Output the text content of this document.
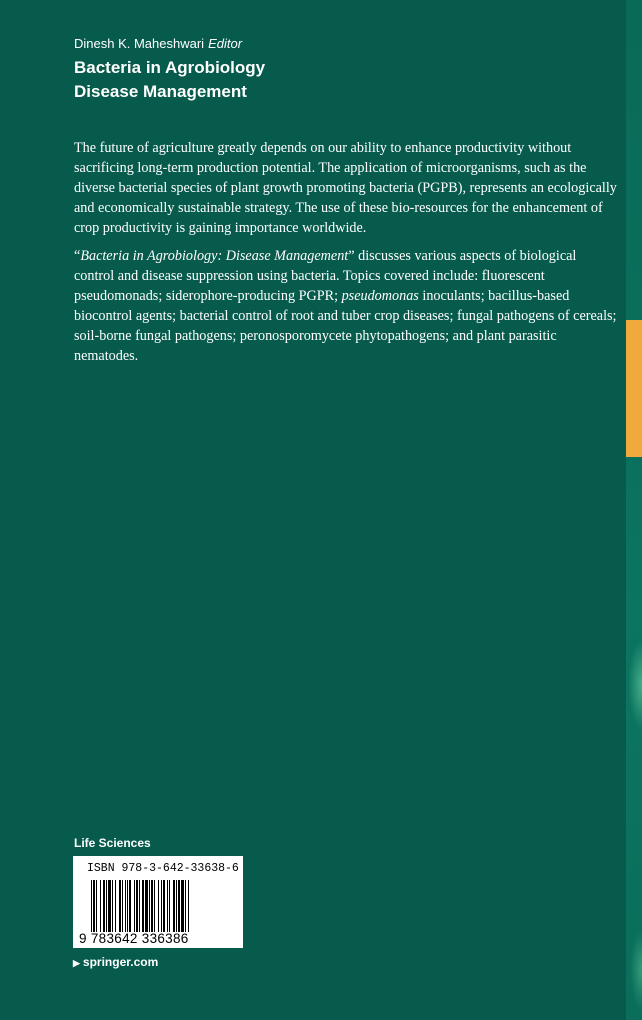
Dinesh K. Maheshwari Editor
Bacteria in Agrobiology
Disease Management

The future of agriculture greatly depends on our ability to enhance productivity without sacrificing long-term production potential. The application of microorganisms, such as the diverse bacterial species of plant growth promoting bacteria (PGPB), represents an ecologically and economically sustainable strategy. The use of these bio-resources for the enhancement of crop productivity is gaining importance worldwide.

“Bacteria in Agrobiology: Disease Management” discusses various aspects of biological control and disease suppression using bacteria. Topics covered include: fluorescent pseudomonads; siderophore-producing PGPR; pseudomonas inoculants; bacillus-based biocontrol agents; bacterial control of root and tuber crop diseases; fungal pathogens of cereals; soil-borne fungal pathogens; peronosporomycete phytopathogens; and plant parasitic nematodes.

Life Sciences
ISBN 978-3-642-33638-6
9 783642 336386
▶ springer.com
